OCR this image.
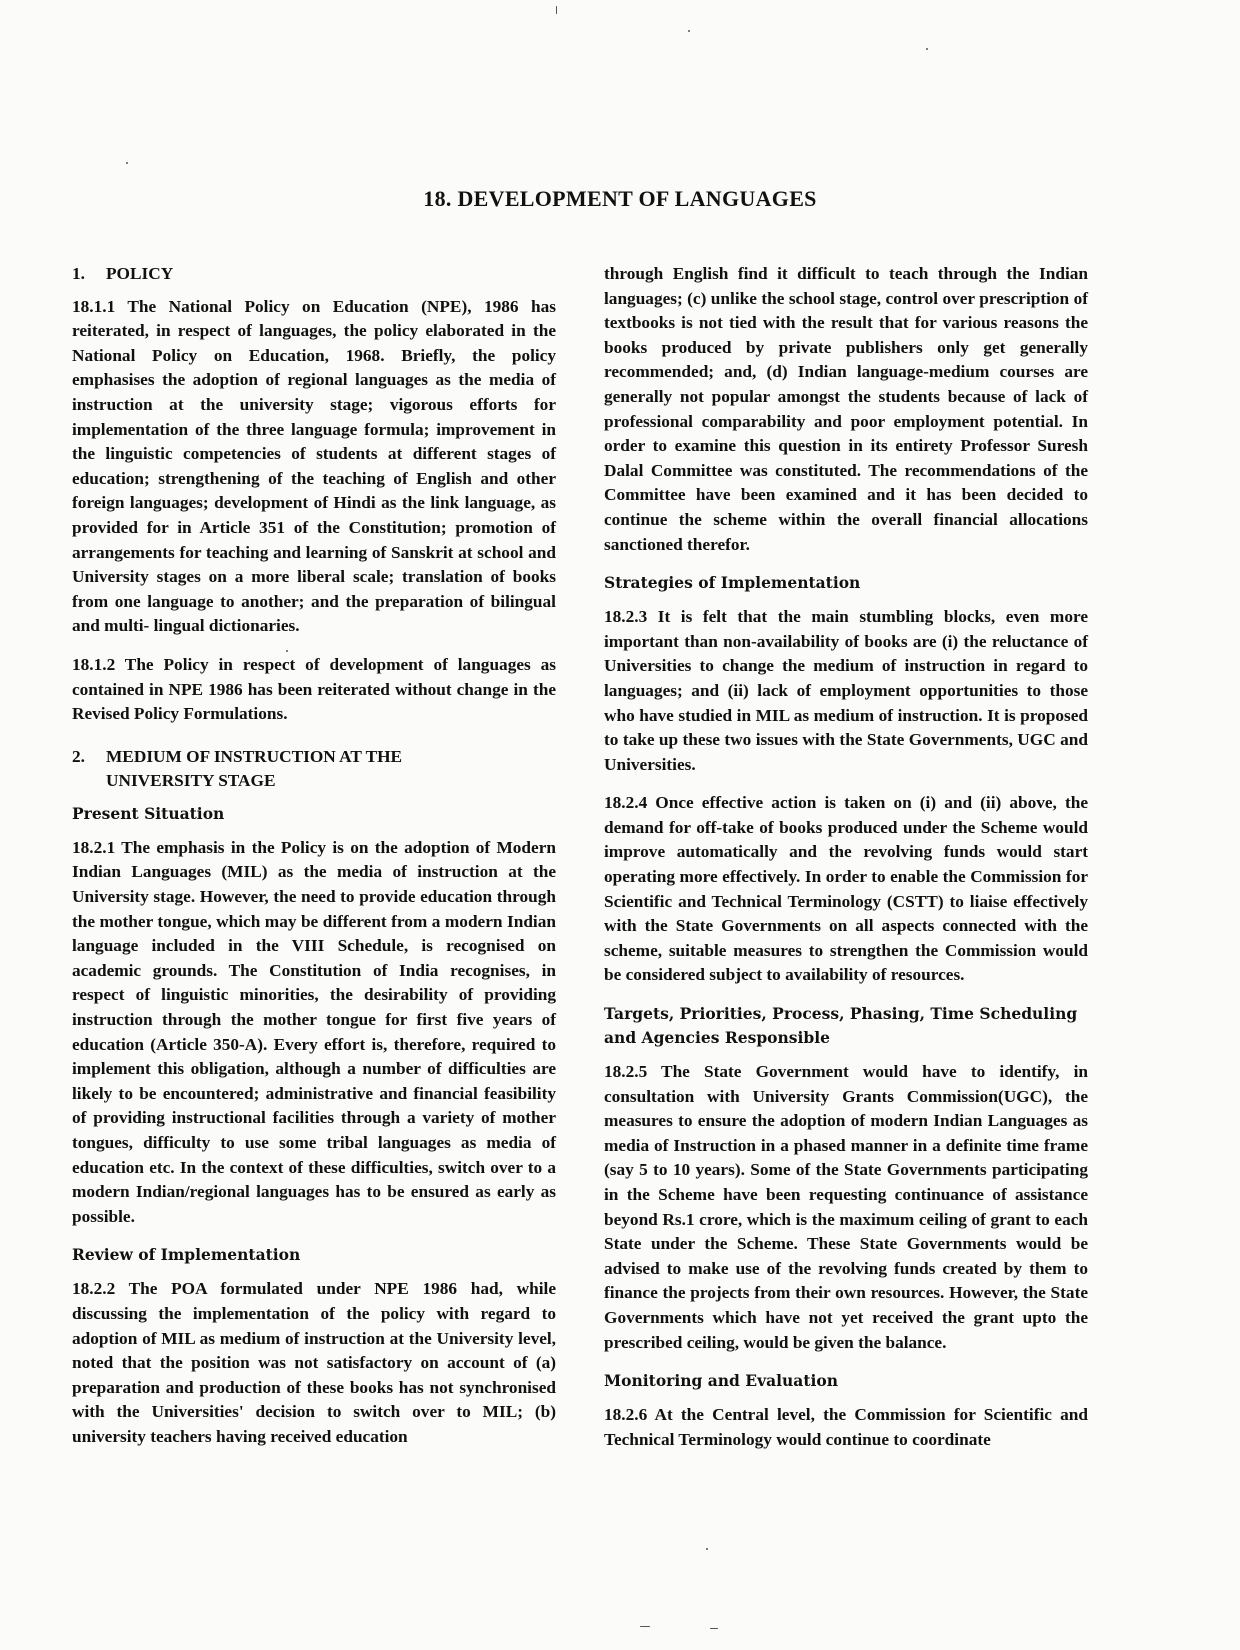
18. DEVELOPMENT OF LANGUAGES
1.	POLICY

18.1.1 The National Policy on Education (NPE), 1986 has reiterated, in respect of languages, the policy elaborated in the National Policy on Education, 1968. Briefly, the policy emphasises the adoption of regional languages as the media of instruction at the university stage; vigorous efforts for implementation of the three language formula; improvement in the linguistic competencies of students at different stages of education; strengthening of the teaching of English and other foreign languages; development of Hindi as the link language, as provided for in Article 351 of the Constitution; promotion of arrangements for teaching and learning of Sanskrit at school and University stages on a more liberal scale; translation of books from one language to another; and the preparation of bilingual and multi- lingual dictionaries.

18.1.2 The Policy in respect of development of languages as contained in NPE 1986 has been reiterated without change in the Revised Policy Formulations.

2.	MEDIUM OF INSTRUCTION AT THE UNIVERSITY STAGE
Present Situation

18.2.1 The emphasis in the Policy is on the adoption of Modern Indian Languages (MIL) as the media of instruction at the University stage. However, the need to provide education through the mother tongue, which may be different from a modern Indian language included in the VIII Schedule, is recognised on academic grounds. The Constitution of India recognises, in respect of linguistic minorities, the desirability of providing instruction through the mother tongue for first five years of education (Article 350-A). Every effort is, therefore, required to implement this obligation, although a number of difficulties are likely to be encountered; administrative and financial feasibility of providing instructional facilities through a variety of mother tongues, difficulty to use some tribal languages as media of education etc. In the context of these difficulties, switch over to a modern Indian/regional languages has to be ensured as early as possible.

Review of Implementation

18.2.2 The POA formulated under NPE 1986 had, while discussing the implementation of the policy with regard to adoption of MIL as medium of instruction at the University level, noted that the position was not satisfactory on account of (a) preparation and production of these books has not synchronised with the Universities' decision to switch over to MIL; (b) university teachers having received education

through English find it difficult to teach through the Indian languages; (c) unlike the school stage, control over prescription of textbooks is not tied with the result that for various reasons the books produced by private publishers only get generally recommended; and, (d) Indian language-medium courses are generally not popular amongst the students because of lack of professional comparability and poor employment potential. In order to examine this question in its entirety Professor Suresh Dalal Committee was constituted. The recommendations of the Committee have been examined and it has been decided to continue the scheme within the overall financial allocations sanctioned therefor.

Strategies of Implementation

18.2.3 It is felt that the main stumbling blocks, even more important than non-availability of books are (i) the reluctance of Universities to change the medium of instruction in regard to languages; and (ii) lack of employment opportunities to those who have studied in MIL as medium of instruction. It is proposed to take up these two issues with the State Governments, UGC and Universities.

18.2.4 Once effective action is taken on (i) and (ii) above, the demand for off-take of books produced under the Scheme would improve automatically and the revolving funds would start operating more effectively. In order to enable the Commission for Scientific and Technical Terminology (CSTT) to liaise effectively with the State Governments on all aspects connected with the scheme, suitable measures to strengthen the Commission would be considered subject to availability of resources.

Targets, Priorities, Process, Phasing, Time Scheduling and Agencies Responsible

18.2.5 The State Government would have to identify, in consultation with University Grants Commission(UGC), the measures to ensure the adoption of modern Indian Languages as media of Instruction in a phased manner in a definite time frame (say 5 to 10 years). Some of the State Governments participating in the Scheme have been requesting continuance of assistance beyond Rs.1 crore, which is the maximum ceiling of grant to each State under the Scheme. These State Governments would be advised to make use of the revolving funds created by them to finance the projects from their own resources. However, the State Governments which have not yet received the grant upto the prescribed ceiling, would be given the balance.

Monitoring and Evaluation

18.2.6 At the Central level, the Commission for Scientific and Technical Terminology would continue to coordinate
